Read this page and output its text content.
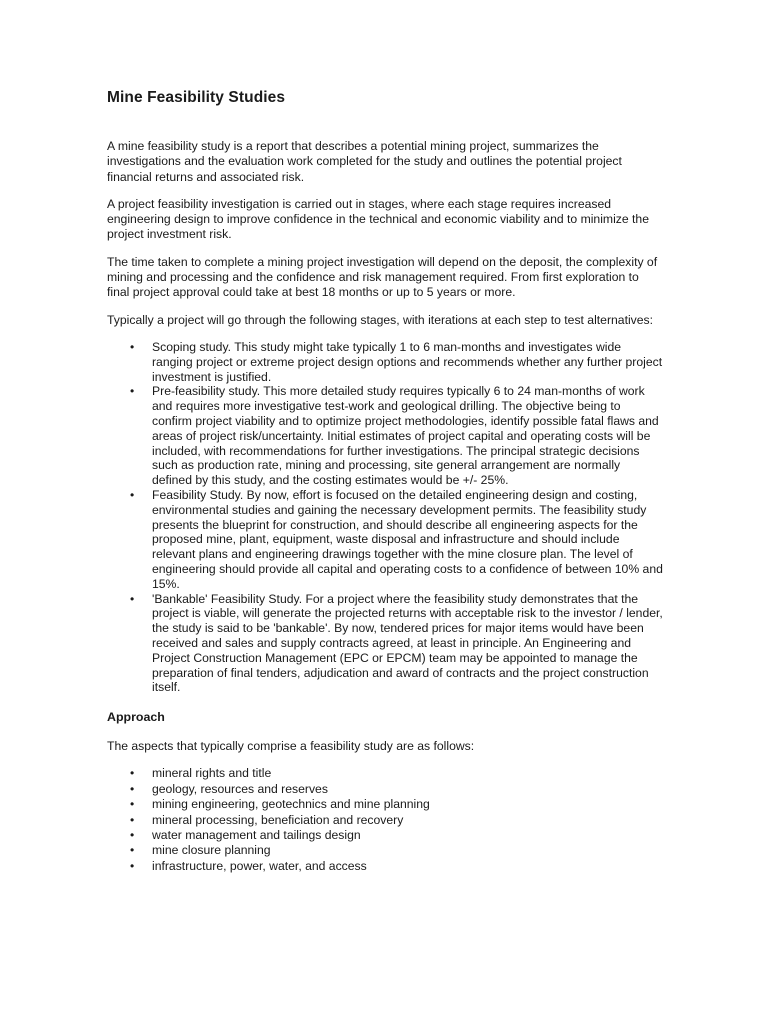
Mine Feasibility Studies

A mine feasibility study is a report that describes a potential mining project, summarizes the investigations and the evaluation work completed for the study and outlines the potential project financial returns and associated risk.

A project feasibility investigation is carried out in stages, where each stage requires increased engineering design to improve confidence in the technical and economic viability and to minimize the project investment risk.

The time taken to complete a mining project investigation will depend on the deposit, the complexity of mining and processing and the confidence and risk management required. From first exploration to final project approval could take at best 18 months or up to 5 years or more.

Typically a project will go through the following stages, with iterations at each step to test alternatives:

• Scoping study. This study might take typically 1 to 6 man-months and investigates wide ranging project or extreme project design options and recommends whether any further project investment is justified.
• Pre-feasibility study. This more detailed study requires typically 6 to 24 man-months of work and requires more investigative test-work and geological drilling. The objective being to confirm project viability and to optimize project methodologies, identify possible fatal flaws and areas of project risk/uncertainty. Initial estimates of project capital and operating costs will be included, with recommendations for further investigations. The principal strategic decisions such as production rate, mining and processing, site general arrangement are normally defined by this study, and the costing estimates would be +/- 25%.
• Feasibility Study. By now, effort is focused on the detailed engineering design and costing, environmental studies and gaining the necessary development permits. The feasibility study presents the blueprint for construction, and should describe all engineering aspects for the proposed mine, plant, equipment, waste disposal and infrastructure and should include relevant plans and engineering drawings together with the mine closure plan. The level of engineering should provide all capital and operating costs to a confidence of between 10% and 15%.
• 'Bankable' Feasibility Study. For a project where the feasibility study demonstrates that the project is viable, will generate the projected returns with acceptable risk to the investor / lender, the study is said to be 'bankable'. By now, tendered prices for major items would have been received and sales and supply contracts agreed, at least in principle. An Engineering and Project Construction Management (EPC or EPCM) team may be appointed to manage the preparation of final tenders, adjudication and award of contracts and the project construction itself.
Approach

The aspects that typically comprise a feasibility study are as follows:

• mineral rights and title
• geology, resources and reserves
• mining engineering, geotechnics and mine planning
• mineral processing, beneficiation and recovery
• water management and tailings design
• mine closure planning
• infrastructure, power, water, and access
